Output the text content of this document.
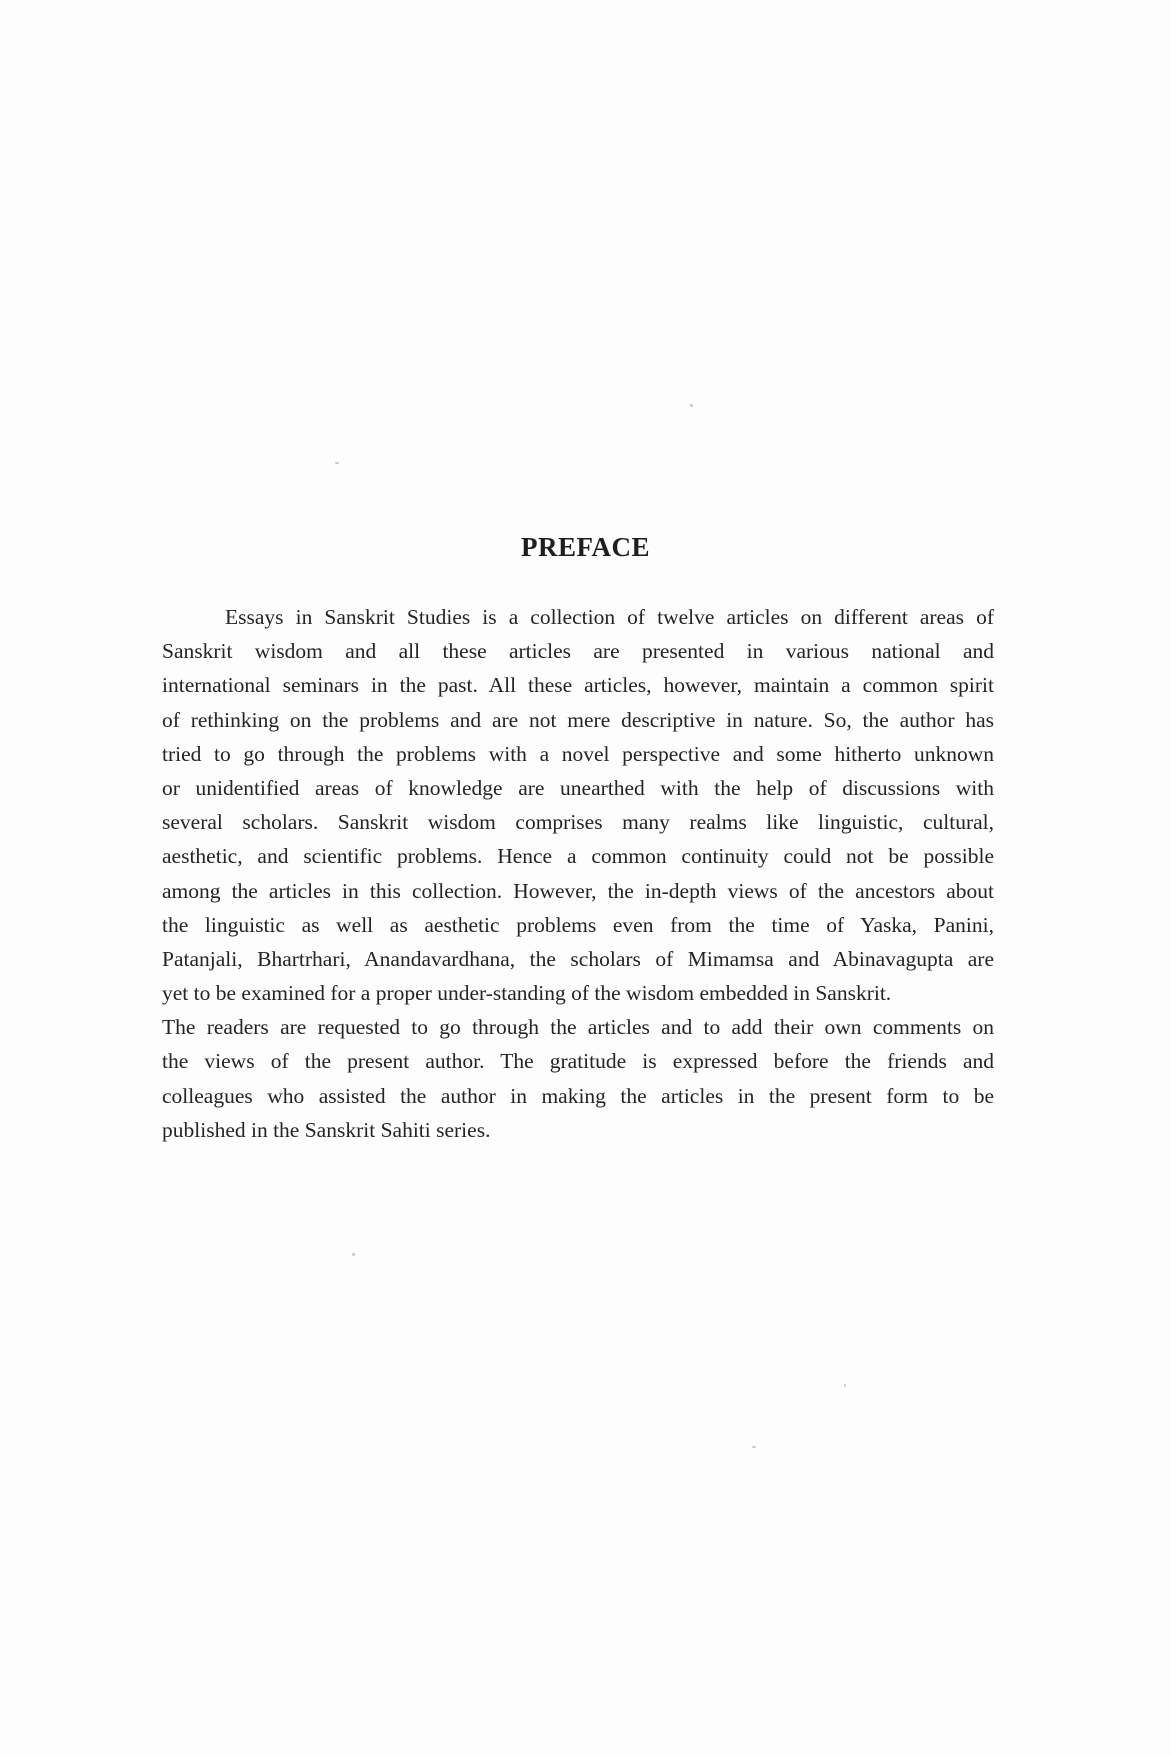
PREFACE
Essays in Sanskrit Studies is a collection of twelve articles on different areas of
Sanskrit wisdom and all these articles are presented in various national and
international seminars in the past. All these articles, however, maintain a common spirit
of rethinking on the problems and are not mere descriptive in nature. So, the author has
tried to go through the problems with a novel perspective and some hitherto unknown
or unidentified areas of knowledge are unearthed with the help of discussions with
several scholars. Sanskrit wisdom comprises many realms like linguistic, cultural,
aesthetic, and scientific problems. Hence a common continuity could not be possible
among the articles in this collection. However, the in-depth views of the ancestors about
the linguistic as well as aesthetic problems even from the time of Yaska, Panini,
Patanjali, Bhartrhari, Anandavardhana, the scholars of Mimamsa and Abinavagupta are
yet to be examined for a proper under-standing of the wisdom embedded in Sanskrit.
The readers are requested to go through the articles and to add their own comments on
the views of the present author. The gratitude is expressed before the friends and
colleagues who assisted the author in making the articles in the present form to be
published in the Sanskrit Sahiti series.
